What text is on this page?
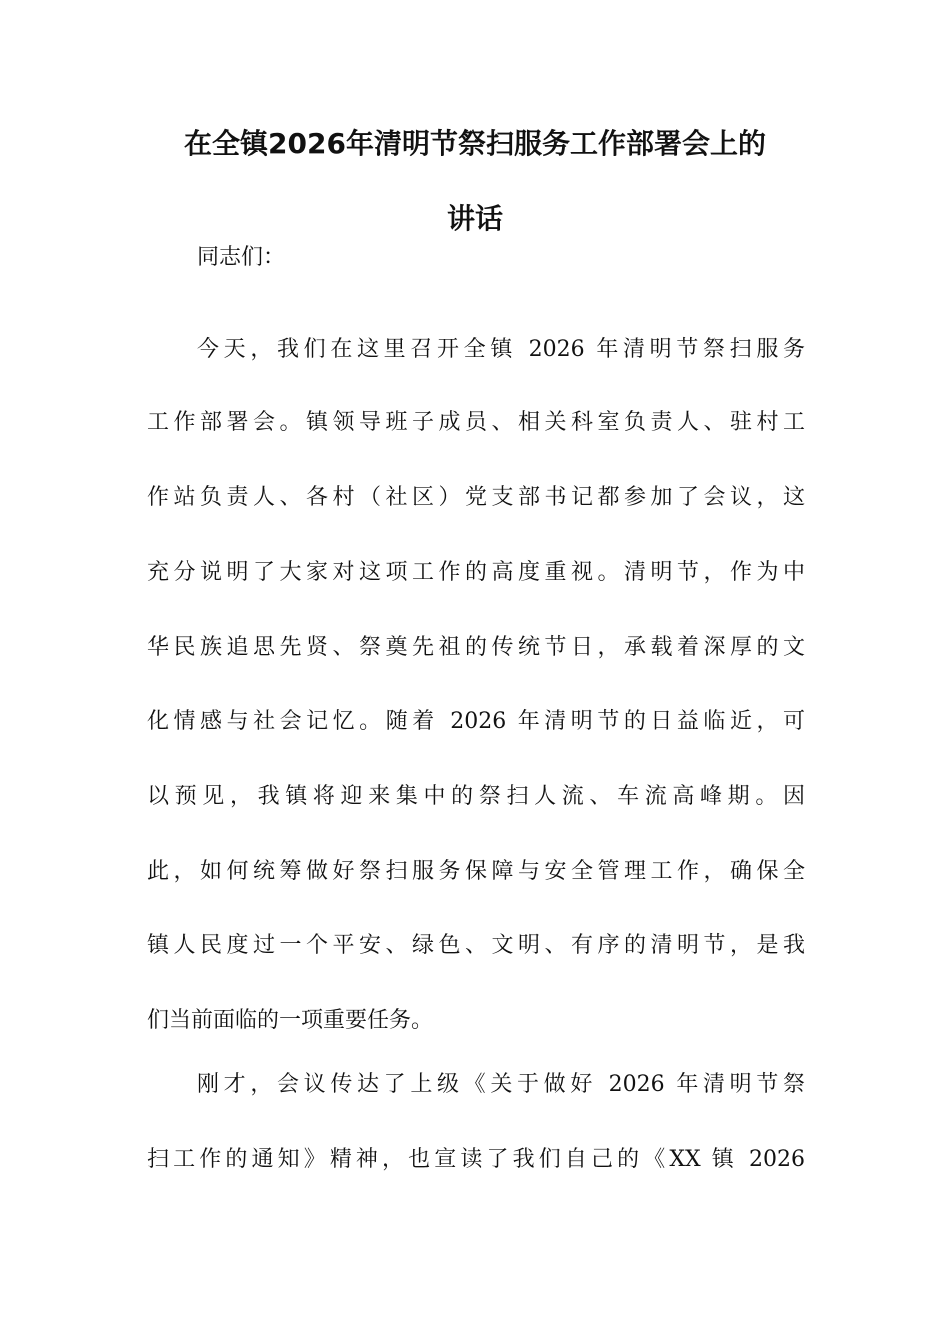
在全镇2026年清明节祭扫服务工作部署会上的
讲话
同志们：
今天，我们在这里召开全镇 2026 年清明节祭扫服务
工作部署会。镇领导班子成员、相关科室负责人、驻村工
作站负责人、各村（社区）党支部书记都参加了会议，这
充分说明了大家对这项工作的高度重视。清明节，作为中
华民族追思先贤、祭奠先祖的传统节日，承载着深厚的文
化情感与社会记忆。随着 2026 年清明节的日益临近，可
以预见，我镇将迎来集中的祭扫人流、车流高峰期。因
此，如何统筹做好祭扫服务保障与安全管理工作，确保全
镇人民度过一个平安、绿色、文明、有序的清明节，是我
们当前面临的一项重要任务。
刚才，会议传达了上级《关于做好 2026 年清明节祭
扫工作的通知》精神，也宣读了我们自己的《XX 镇 2026
